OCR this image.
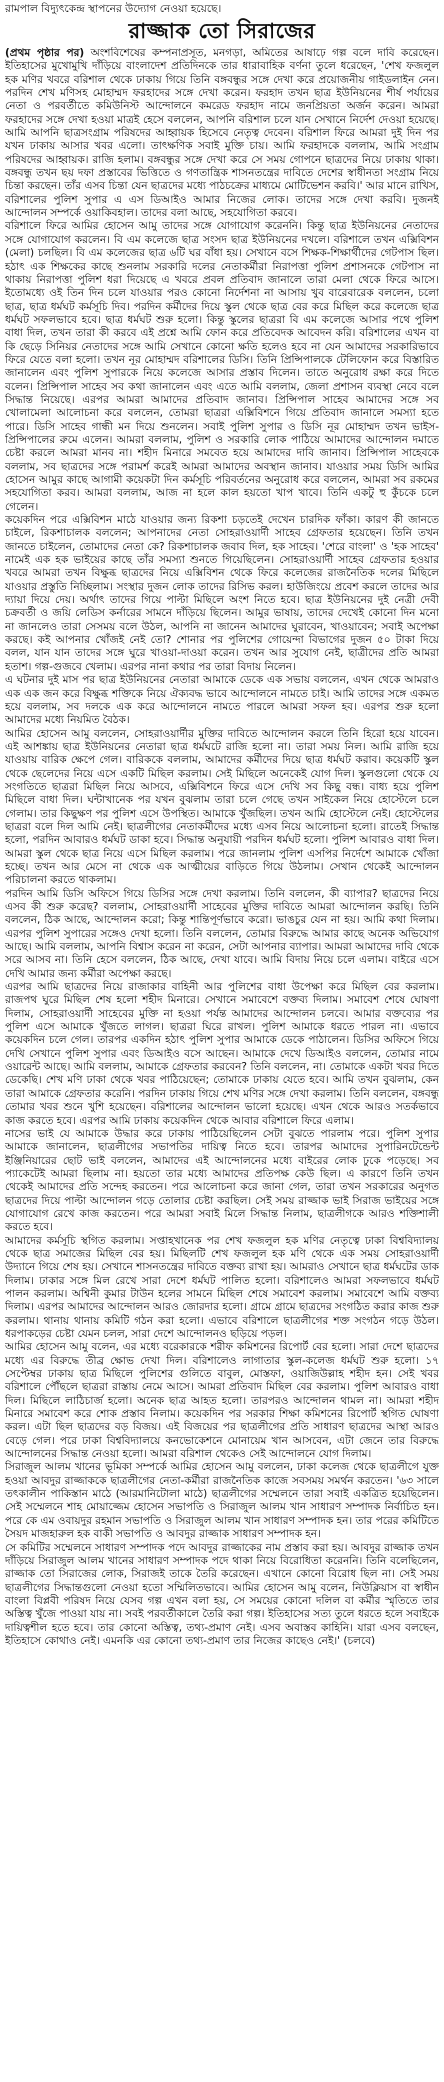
রামপাল বিদ্যুৎকেন্দ্র স্থাপনের উদ্যোগ নেওয়া হয়েছে।
রাজ্জাক তো সিরাজের

(প্রথম পৃষ্ঠার পর) অংশবিশেষের কম্পনাপ্রসূত, মনগড়া, অমিতের আষাঢ়ে গল্প বলে দাবি করেছেন। ইতিহাসের মুখোমুখি দাঁড়িয়ে বাংলাদেশ প্রতিদিনকে তার ধারাবাহিক বর্ণনা তুলে ধরেছেন, 'শেখ ফজলুল হক মণির খবরে বরিশাল থেকে ঢাকায় গিয়ে তিনি বঙ্গবন্ধুর সঙ্গে দেখা করে প্রয়োজনীয় গাইডলাইন নেন। পরদিন শেখ মণিসহ মোহাম্মদ ফরহাদের সঙ্গে দেখা করেন। ফরহাদ তখন ছাত্র ইউনিয়নের শীর্ষ পর্যায়ের নেতা ও পরবর্তীতে কমিউনিস্ট আন্দোলনে কমরেড ফরহাদ নামে জনপ্রিয়তা অর্জন করেন। আমরা ফরহাদের সঙ্গে দেখা হওয়া মাত্রই হেসে বললেন, আপনি বরিশাল চলে যান সেখানে নির্দেশ দেওয়া হয়েছে। আমি আপনি ছাত্রসংগ্রাম পরিষদের আহ্বায়ক হিসেবে নেতৃত্ব দেবেন। বরিশাল ফিরে আমরা দুই দিন পর যখন ঢাকায় আসার খবর এলো। তাৎক্ষণিক সবাই মুক্তি চায়। আমি ফরহাদকে বললাম, আমি সংগ্রাম পরিষদের আহ্বায়ক। রাজি হলাম। বঙ্গবন্ধুর সঙ্গে দেখা করে সে সময় গোপনে ছাত্রদের নিয়ে ঢাকায় থাকা। বঙ্গবন্ধু তখন ছয় দফা প্রস্তাবের ভিত্তিতে ও গণতান্ত্রিক শাসনতন্ত্রের দাবিতে দেশের স্বাধীনতা সংগ্রাম নিয়ে চিন্তা করছেন। তাঁর এসব চিন্তা যেন ছাত্রদের মধ্যে পাঠচক্রের মাধ্যমে মোটিভেশন করবি।' আর মানে রাখিস, বরিশালের পুলিশ সুপার এ এস ডিআইও আমার নিজের লোক। তাদের সঙ্গে দেখা করবি। দুজনই আন্দোলন সম্পর্কে ওয়াকিবহাল। তাদের বলা আছে, সহযোগিতা করবে।

বরিশালে ফিরে আমির হোসেন আমু তাদের সঙ্গে যোগাযোগ করেননি। কিন্তু ছাত্র ইউনিয়নের নেতাদের সঙ্গে যোগাযোগ করলেন। বি এম কলেজে ছাত্র সংসদ ছাত্র ইউনিয়নের দখলে। বরিশালে তখন এক্সিবিশন (মেলা) চলছিল। বি এম কলেজের ছাত্র ৬টি ঘর বাঁধা হয়। সেখানে বসে শিক্ষক-শিক্ষার্থীদের গেটপাস ছিল। হঠাৎ এক শিক্ষকের কাছে শুনলাম সরকারি দলের নেতাকর্মীরা নিরাপত্তা পুলিশ প্রশাসনকে গেটপাস না থাকায় নিরাপত্তা পুলিশ ধরা দিয়েছে এ খবরে প্রবল প্রতিবাদ জানালে তারা মেলা থেকে ফিরে আসে। ইতোমধ্যে ওই তিন দিন চলে যাওয়ার পরও কোনো নির্দেশনা না আসায় খুব বারেবারেক বললেন, চলো ছাত্র, ছাত্র ধর্মঘট কর্মসূচি দিব। পরদিন কর্মীদের দিয়ে স্কুল থেকে ছাত্র বের করে মিছিল করে কলেজে ছাত্র ধর্মঘট সফলভাবে হবে। ছাত্র ধর্মঘট শুরু হলো। কিন্তু স্কুলের ছাত্ররা বি এম কলেজে আসার পথে পুলিশ বাধা দিল, তখন তারা কী করবে এই প্রশ্নে আমি ফোন করে প্রতিবেদক আবেদন করি। বরিশালের এখন বা কি ছেড়ে সিনিয়র নেতাদের সঙ্গে আমি সেখানে কোনো ক্ষতি হলেও হবে না যেন আমাদের সরকারিভাবে ফিরে যেতে বলা হলো। তখন নূর মোহাম্মদ বরিশালের ডিসি। তিনি প্রিন্সিপালকে টেলিফোন করে বিস্তারিত জানালেন এবং পুলিশ সুপারকে নিয়ে কলেজে আসার প্রস্তাব দিলেন। তাতে অনুরোধ রক্ষা করে দিতে বলেন। প্রিন্সিপাল সাহেব সব কথা জানালেন এবং এতে আমি বললাম, জেলা প্রশাসন ব্যবস্থা নেবে বলে সিদ্ধান্ত নিয়েছে। এরপর আমরা আমাদের প্রতিবাদ জানাব। প্রিন্সিপাল সাহেব আমাদের সঙ্গে সব খোলামেলা আলোচনা করে বললেন, তোমরা ছাত্ররা এক্সিবিশনে গিয়ে প্রতিবাদ জানালে সমস্যা হতে পারে। ডিসি সাহেব গান্ধী মন দিয়ে শুনলেন। সবাই পুলিশ সুপার ও ডিসি নূর মোহাম্মদ তখন ভাইস-প্রিন্সিপালের রুমে এলেন। আমরা বললাম, পুলিশ ও সরকারি লোক পাঠিয়ে আমাদের আন্দোলন দমাতে চেষ্টা করলে আমরা মানব না। শহীদ মিনারে সমবেত হয়ে আমাদের দাবি জানাব। প্রিন্সিপাল সাহেবকে বললাম, সব ছাত্রদের সঙ্গে পরামর্শ করেই আমরা আমাদের অবস্থান জানাব। যাওয়ার সময় ডিসি আমির হোসেন আমুর কাছে আগামী কয়েকটা দিন কর্মসূচি পরিবর্তনের অনুরোধ করে বললেন, আমরা সব রকমের সহযোগিতা করব। আমরা বললাম, আজ না হলে কাল হয়তো খাপ খাবে। তিনি একটু হু কুঁচকে চলে গেলেন।

কয়েকদিন পরে এক্সিবিশন মাঠে যাওয়ার জন্য রিকশা চড়তেই দেখেন চারদিক ফাঁকা। কারণ কী জানতে চাইলে, রিকশাচালক বললেন; আপনাদের নেতা সোহরাওয়ার্দী সাহেব গ্রেফতার হয়েছেন। তিনি তখন জানতে চাইলেন, তোমাদের নেতা কে? রিকশাচালক জবাব দিল, হক সাহেব। 'শেরে বাংলা' ও 'হক সাহেব' নামেই এক হক ভাইয়ের কাছে তাঁর সমস্যা শুনতে গিয়েছিলেন। সোহরাওয়ার্দী সাহেব গ্রেফতার হওয়ার খবরে আমরা তখন বিক্ষুব্ধ ছাত্রদের নিয়ে এক্সিবিশন থেকে ফিরে কলেজের রাজনৈতিক দলের মিছিলে যাওয়ার প্রস্তুতি নিচ্ছিলাম। সংস্থার দুজন লোক তাদের রিসিভ করল। হাউজিংয়ে প্রবেশ করলে তাদের আর দ্যায়া দিয়ে দেয়। অর্থাৎ তাদের গিয়ে পাল্টা মিছিলে অংশ নিতে হবে। ছাত্র ইউনিয়নের দুই নেত্রী দেবী চক্রবর্তী ও জয়ি লেডিস কর্নারের সামনে দাঁড়িয়ে ছিলেন। আমুর ভাষায়, তাদের দেখেই কোনো দিন মনো না জানলেও তারা সেসময় বলে উঠল, আপনি না জানেন আমাদের ঘুরাবেন, খাওয়াবেন; সবাই অপেক্ষা করছে। কই আপনার খোঁজই নেই তো? শোনার পর পুলিশের গোয়েন্দা বিভাগের দুজন ৫০ টাকা দিয়ে বলল, যান যান তাদের সঙ্গে ঘুরে খাওয়া-দাওয়া করেন। তখন আর সুযোগ নেই, ছাত্রীদের প্রতি আমরা হতাশ। গল্প-গুজবে খেলাম। এরপর নানা কথার পর তারা বিদায় নিলেন।

এ ঘটনার দুই মাস পর ছাত্র ইউনিয়নের নেতারা আমাকে ডেকে এক সভায় বললেন, এখন থেকে আমরাও এক এক জন করে বিক্ষুব্ধ শক্তিকে নিয়ে ঐক্যবদ্ধ ভাবে আন্দোলনে নামতে চাই। আমি তাদের সঙ্গে একমত হয়ে বললাম, সব দলকে এক করে আন্দোলনে নামতে পারলে আমরা সফল হব। এরপর শুরু হলো আমাদের মধ্যে নিয়মিত বৈঠক।

আমির হোসেন আমু বললেন, সোহরাওয়ার্দীর মুক্তির দাবিতে আন্দোলন করলে তিনি হিরো হয়ে যাবেন। এই আশঙ্কায় ছাত্র ইউনিয়নের নেতারা ছাত্র ধর্মঘটে রাজি হলো না। তারা সময় নিল। আমি রাজি হয়ে যাওয়ায় বারিক ক্ষেপে গেল। বারিককে বললাম, আমাদের কর্মীদের দিয়ে ছাত্র ধর্মঘট করাব। কয়েকটি স্কুল থেকে ছেলেদের নিয়ে এসে একটি মিছিল করলাম। সেই মিছিলে অনেকেই যোগ দিল। স্কুলগুলো থেকে যে সংগতিতে ছাত্ররা মিছিল নিয়ে আসবে, এক্সিবিশনে ফিরে এসে দেখি সব কিছু বন্ধ। বাধ্য হয়ে পুলিশ মিছিলে বাধা দিল। ঘন্টাখানেক পর যখন বুঝলাম তারা চলে গেছে তখন সাইকেল নিয়ে হোস্টেলে চলে গেলাম। তার কিছুক্ষণ পর পুলিশ এসে উপস্থিত। আমাকে খুঁজছিল। তখন আমি হোস্টেলে নেই। হোস্টেলের ছাত্ররা বলে দিল আমি নেই। ছাত্রলীগের নেতাকর্মীদের মধ্যে এসব নিয়ে আলোচনা হলো। রাতেই সিদ্ধান্ত হলো, পরদিন আবারও ধর্মঘট ডাকা হবে। সিদ্ধান্ত অনুযায়ী পরদিন ধর্মঘট হলো। পুলিশ আবারও বাধা দিল। আমরা স্কুল থেকে ছাত্র নিয়ে এসে মিছিল করলাম। পরে জানলাম পুলিশ এসপির নির্দেশে আমাকে খোঁজা হচ্ছে। তখন আর মেসে না থেকে এক আত্মীয়ের বাড়িতে গিয়ে উঠলাম। সেখান থেকেই আন্দোলন পরিচালনা করতে থাকলাম।

পরদিন আমি ডিসি অফিসে গিয়ে ডিসির সঙ্গে দেখা করলাম। তিনি বললেন, কী ব্যাপার? ছাত্রদের নিয়ে এসব কী শুরু করেছ? বললাম, সোহরাওয়ার্দী সাহেবের মুক্তির দাবিতে আমরা আন্দোলন করছি। তিনি বললেন, ঠিক আছে, আন্দোলন করো; কিন্তু শান্তিপূর্ণভাবে করো। ভাঙচুর যেন না হয়। আমি কথা দিলাম। এরপর পুলিশ সুপারের সঙ্গেও দেখা হলো। তিনি বললেন, তোমার বিরুদ্ধে আমার কাছে অনেক অভিযোগ আছে। আমি বললাম, আপনি বিশ্বাস করেন না করেন, সেটা আপনার ব্যাপার। আমরা আমাদের দাবি থেকে সরে আসব না। তিনি হেসে বললেন, ঠিক আছে, দেখা যাবে। আমি বিদায় নিয়ে চলে এলাম। বাইরে এসে দেখি আমার জন্য কর্মীরা অপেক্ষা করছে।

এরপর আমি ছাত্রদের নিয়ে রাজাকার বাহিনী আর পুলিশের বাধা উপেক্ষা করে মিছিল বের করলাম। রাজপথ ঘুরে মিছিল শেষ হলো শহীদ মিনারে। সেখানে সমাবেশে বক্তব্য দিলাম। সমাবেশ শেষে ঘোষণা দিলাম, সোহরাওয়ার্দী সাহেবের মুক্তি না হওয়া পর্যন্ত আমাদের আন্দোলন চলবে। আমার বক্তব্যের পর পুলিশ এসে আমাকে খুঁজতে লাগল। ছাত্ররা ঘিরে রাখল। পুলিশ আমাকে ধরতে পারল না। এভাবে কয়েকদিন চলে গেল। তারপর একদিন হঠাৎ পুলিশ সুপার আমাকে ডেকে পাঠালেন। ডিসির অফিসে গিয়ে দেখি সেখানে পুলিশ সুপার এবং ডিআইও বসে আছেন। আমাকে দেখে ডিআইও বললেন, তোমার নামে ওয়ারেন্ট আছে। আমি বললাম, আমাকে গ্রেফতার করবেন? তিনি বললেন, না। তোমাকে একটা খবর দিতে ডেকেছি। শেখ মণি ঢাকা থেকে খবর পাঠিয়েছেন; তোমাকে ঢাকায় যেতে হবে। আমি তখন বুঝলাম, কেন তারা আমাকে গ্রেফতার করেনি। পরদিন ঢাকায় গিয়ে শেখ মণির সঙ্গে দেখা করলাম। তিনি বললেন, বঙ্গবন্ধু তোমার খবর শুনে খুশি হয়েছেন। বরিশালের আন্দোলন ভালো হয়েছে। এখন থেকে আরও সতর্কভাবে কাজ করতে হবে। এরপর আমি ঢাকায় কয়েকদিন থেকে আবার বরিশালে ফিরে এলাম।

নাসের ভাই যে আমাকে উদ্ধার করে ঢাকায় পাঠিয়েছিলেন সেটা বুঝতে পারলাম পরে। পুলিশ সুপার আমাকে জানালেন, ছাত্রলীগের সভাপতির দায়িত্ব নিতে হবে। তারপর আমাদের সুপারিনটেন্ডেন্ট ইঞ্জিনিয়ারের ছোট ভাই বললেন, আমাদের এই আন্দোলনের মধ্যে বাইরের লোক ঢুকে পড়েছে। সব প্যাকেটেই আমরা ছিলাম না। হয়তো তার মধ্যে আমাদের প্রতিপক্ষ কেউ ছিল। এ কারণে তিনি তখন থেকেই আমাদের প্রতি সন্দেহ করতেন। পরে আলোচনা করে জানা গেল, তারা তখন সরকারের অনুগত ছাত্রদের দিয়ে পাল্টা আন্দোলন গড়ে তোলার চেষ্টা করছিল। সেই সময় রাজ্জাক ভাই সিরাজ ভাইয়ের সঙ্গে যোগাযোগ রেখে কাজ করতেন। পরে আমরা সবাই মিলে সিদ্ধান্ত নিলাম, ছাত্রলীগকে আরও শক্তিশালী করতে হবে।

আমাদের কর্মসূচি স্থগিত করলাম। সপ্তাহখানেক পর শেখ ফজলুল হক মণির নেতৃত্বে ঢাকা বিশ্ববিদ্যালয় থেকে ছাত্র সমাজের মিছিল বের হয়। মিছিলটি শেখ ফজলুল হক মণি থেকে এক সময় সোহরাওয়ার্দী উদ্যানে গিয়ে শেষ হয়। সেখানে শাসনতন্ত্রের দাবিতে বক্তব্য রাখা হয়। আমরাও সেখানে ছাত্র ধর্মঘটের ডাক দিলাম। ঢাকার সঙ্গে মিল রেখে সারা দেশে ধর্মঘট পালিত হলো। বরিশালেও আমরা সফলভাবে ধর্মঘট পালন করলাম। অশ্বিনী কুমার টাউন হলের সামনে মিছিল শেষে সমাবেশ করলাম। সমাবেশে আমি বক্তব্য দিলাম। এরপর আমাদের আন্দোলন আরও জোরদার হলো। গ্রামে গ্রামে ছাত্রদের সংগঠিত করার কাজ শুরু করলাম। থানায় থানায় কমিটি গঠন করা হলো। এভাবে বরিশালে ছাত্রলীগের শক্ত সংগঠন গড়ে উঠল। ধরপাকড়ের চেষ্টা যেমন চলল, সারা দেশে আন্দোলনও ছড়িয়ে পড়ল।

আমির হোসেন আমু বলেন, এর মধ্যে বরেকারকে শরীফ কমিশনের রিপোর্ট বের হলো। সারা দেশে ছাত্রদের মধ্যে এর বিরুদ্ধে তীব্র ক্ষোভ দেখা দিল। বরিশালেও লাগাতার স্কুল-কলেজ ধর্মঘট শুরু হলো। ১৭ সেপ্টেম্বর ঢাকায় ছাত্র মিছিলে পুলিশের গুলিতে বাবুল, মোস্তফা, ওয়াজিউল্লাহ শহীদ হন। সেই খবর বরিশালে পৌঁছলে ছাত্ররা রাস্তায় নেমে আসে। আমরা প্রতিবাদ মিছিল বের করলাম। পুলিশ আবারও বাধা দিল। মিছিলে লাঠিচার্জ হলো। অনেক ছাত্র আহত হলো। তারপরও আন্দোলন থামল না। আমরা শহীদ মিনারে সমাবেশ করে শোক প্রস্তাব নিলাম। কয়েকদিন পর সরকার শিক্ষা কমিশনের রিপোর্ট স্থগিত ঘোষণা করল। এটা ছিল ছাত্রদের বড় বিজয়। এই বিজয়ের পর ছাত্রলীগের প্রতি সাধারণ ছাত্রদের আস্থা আরও বেড়ে গেল। পরে ঢাকা বিশ্ববিদ্যালয়ে কনভোকেশনে মোনায়েম খান আসবেন, এটা জেনে তার বিরুদ্ধে আন্দোলনের সিদ্ধান্ত নেওয়া হলো। আমরা বরিশাল থেকেও সেই আন্দোলনে যোগ দিলাম।

সিরাজুল আলম খানের ভূমিকা সম্পর্কে আমির হোসেন আমু বললেন, ঢাকা কলেজ থেকে ছাত্রলীগে যুক্ত হওয়া আবদুর রাজ্জাককে ছাত্রলীগের নেতা-কর্মীরা রাজনৈতিক কাজে সবসময় সমর্থন করতেন। '৬৩ সালে তৎকালীন পাকিস্তান মাঠে (আরমানিটোলা মাঠে) ছাত্রলীগের সম্মেলনে তারা সবাই একত্রিত হয়েছিলেন। সেই সম্মেলনে শাহ মোয়াজ্জেম হোসেন সভাপতি ও সিরাজুল আলম খান সাধারণ সম্পাদক নির্বাচিত হন। পরে কে এম ওবায়দুর রহমান সভাপতি ও সিরাজুল আলম খান সাধারণ সম্পাদক হন। তার পরের কমিটিতে সৈয়দ মাজহারুল হক বাকী সভাপতি ও আবদুর রাজ্জাক সাধারণ সম্পাদক হন।

সে কমিটির সম্মেলনে সাধারণ সম্পাদক পদে আবদুর রাজ্জাকের নাম প্রস্তাব করা হয়। আবদুর রাজ্জাক তখন দাঁড়িয়ে সিরাজুল আলম খানের সাধারণ সম্পাদক পদে থাকা নিয়ে বিরোধিতা করেননি। তিনি বলেছিলেন, রাজ্জাক তো সিরাজের লোক, সিরাজই তাকে তৈরি করেছেন। এখানে কোনো বিরোধ ছিল না। সেই সময় ছাত্রলীগের সিদ্ধান্তগুলো নেওয়া হতো সম্মিলিতভাবে। আমির হোসেন আমু বলেন, নিউক্লিয়াস বা স্বাধীন বাংলা বিপ্লবী পরিষদ নিয়ে যেসব গল্প এখন বলা হয়, সে সময়ের কোনো দলিল বা কর্মীর স্মৃতিতে তার অস্তিত্ব খুঁজে পাওয়া যায় না। সবই পরবর্তীকালে তৈরি করা গল্প। ইতিহাসের সত্য তুলে ধরতে হলে সবাইকে দায়িত্বশীল হতে হবে। তার কোনো অস্তিত্ব, তথ্য-প্রমাণ নেই। এসব অবাস্তব কাহিনি। যারা এসব বলছেন, ইতিহাসে কোথাও নেই। এমনকি এর কোনো তথ্য-প্রমাণ তার নিজের কাছেও নেই।' (চলবে)
